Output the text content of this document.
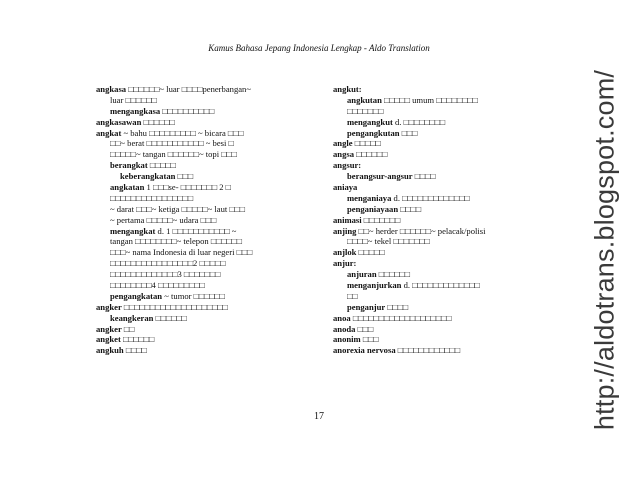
Kamus Bahasa Jepang Indonesia Lengkap - Aldo Translation
angkasa □□□□□□~ luar □□□□penerbangan~
luar □□□□□□
mengangkasa □□□□□□□□□□
angkasawan □□□□□□
angkat ~ bahu □□□□□□□□□ ~ bicara □□□
□□~ berat □□□□□□□□□□□ ~ besi □
□□□□□~ tangan □□□□□□~ topi □□□
berangkat □□□□□
keberangkatan □□□
angkatan 1 □□□se- □□□□□□□ 2 □
□□□□□□□□□□□□□□□□
~ darat □□□~ ketiga □□□□□~ laut □□□
~ pertama □□□□□~ udara □□□
mengangkat d. 1 □□□□□□□□□□□ ~
tangan □□□□□□□□~ telepon □□□□□□
□□□~ nama Indonesia di luar negeri □□□
□□□□□□□□□□□□□□□□2 □□□□□
□□□□□□□□□□□□□3 □□□□□□□
□□□□□□□□4 □□□□□□□□□
pengangkatan ~ tumor □□□□□□
angker □□□□□□□□□□□□□□□□□□□□
keangkeran □□□□□□
angker □□
angket □□□□□□
angkuh □□□□
angkut:
angkutan □□□□□ umum □□□□□□□□
□□□□□□□
mengangkut d. □□□□□□□□
pengangkutan □□□
angle □□□□□
angsa □□□□□□
angsur:
berangsur-angsur □□□□
aniaya
menganiaya d. □□□□□□□□□□□□□
penganiayaan □□□□
animasi □□□□□□□
anjing □□~ herder □□□□□□~ pelacak/polisi
□□□□~ tekel □□□□□□□
anjlok □□□□□
anjur:
anjuran □□□□□□
menganjurkan d. □□□□□□□□□□□□□
□□
penganjur □□□□
anoa □□□□□□□□□□□□□□□□□□□
anoda □□□
anonim □□□
anorexia nervosa □□□□□□□□□□□□
17	http://aldotrans.blogspot.com/
